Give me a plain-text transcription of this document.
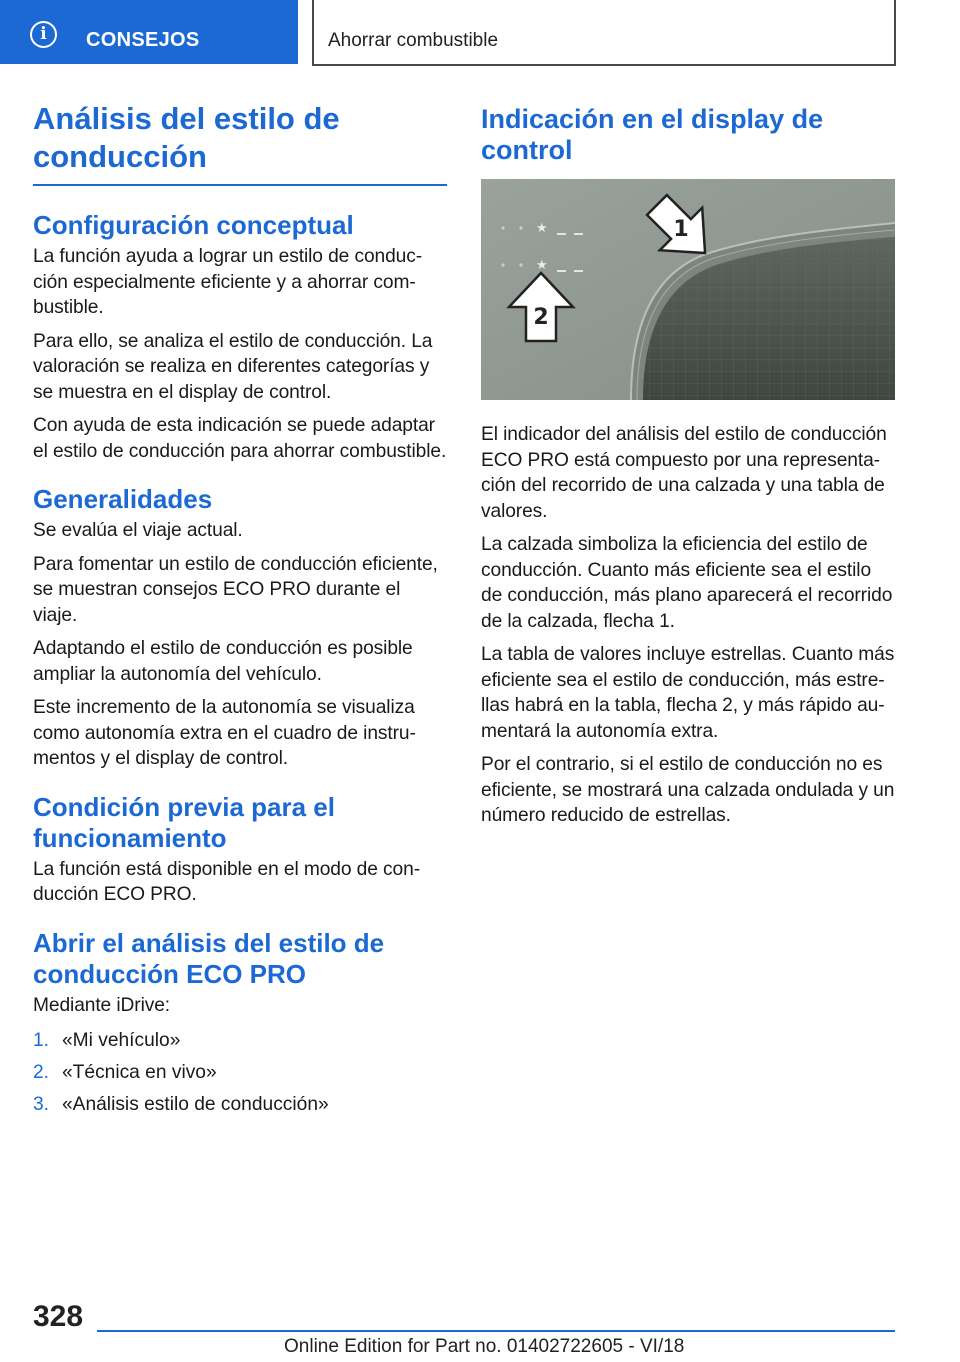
i	CONSEJOS	Ahorrar combustible
Análisis del estilo de conducción
Configuración conceptual

La función ayuda a lograr un estilo de conduc-ción especialmente eficiente y a ahorrar com-bustible.

Para ello, se analiza el estilo de conducción. La valoración se realiza en diferentes categorías y se muestra en el display de control.

Con ayuda de esta indicación se puede adaptar el estilo de conducción para ahorrar combustible.

Generalidades

Se evalúa el viaje actual.

Para fomentar un estilo de conducción eficiente, se muestran consejos ECO PRO durante el viaje.

Adaptando el estilo de conducción es posible ampliar la autonomía del vehículo.

Este incremento de la autonomía se visualiza como autonomía extra en el cuadro de instru-mentos y el display de control.

Condición previa para el funcionamiento

La función está disponible en el modo de con-ducción ECO PRO.

Abrir el análisis del estilo de conducción ECO PRO

Mediante iDrive:

1. «Mi vehículo»
2. «Técnica en vivo»
3. «Análisis estilo de conducción»
Indicación en el display de control
★
★
1
2

El indicador del análisis del estilo de conducción ECO PRO está compuesto por una representa-ción del recorrido de una calzada y una tabla de valores.

La calzada simboliza la eficiencia del estilo de conducción. Cuanto más eficiente sea el estilo de conducción, más plano aparecerá el recorrido de la calzada, flecha 1.

La tabla de valores incluye estrellas. Cuanto más eficiente sea el estilo de conducción, más estre-llas habrá en la tabla, flecha 2, y más rápido au-mentará la autonomía extra.

Por el contrario, si el estilo de conducción no es eficiente, se mostrará una calzada ondulada y un número reducido de estrellas.

328
Online Edition for Part no. 01402722605 - VI/18
